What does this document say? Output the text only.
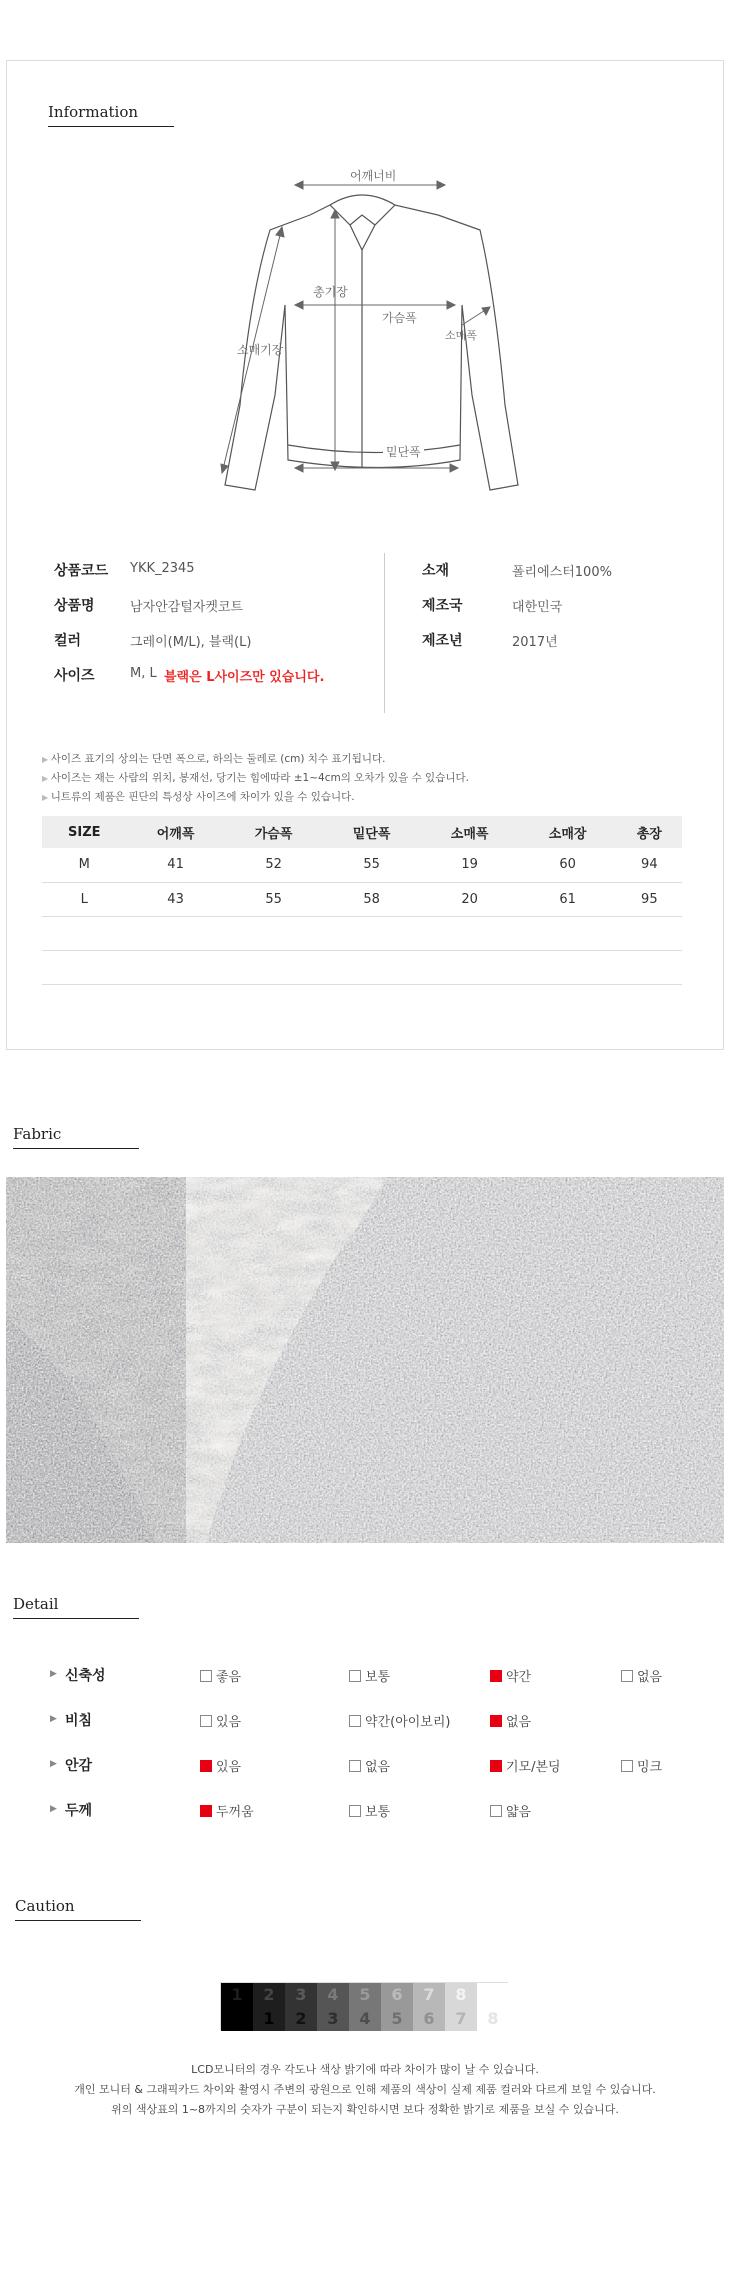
Information
어깨너비
총기장
가슴폭
소매폭
소매기장
밑단폭
상품코드	YKK_2345
상품명	남자안감털자켓코트
컬러	그레이(M/L), 블랙(L)
사이즈	M, L 블랙은 L사이즈만 있습니다.
소재	폴리에스터100%
제조국	대한민국
제조년	2017년
▶ 사이즈 표기의 상의는 단면 폭으로, 하의는 둘레로 (cm) 치수 표기됩니다.
▶ 사이즈는 재는 사람의 위치, 봉재선, 당기는 힘에따라 ±1~4cm의 오차가 있을 수 있습니다.
▶ 니트류의 제품은 핀단의 특성상 사이즈에 차이가 있을 수 있습니다.
SIZE	어깨폭	가슴폭	밑단폭	소매폭	소매장	총장
M	41	52	55	19	60	94
L	43	55	58	20	61	95

Fabric
Detail
▶ 신축성	좋음	보통	약간	없음
▶ 비침	있음	약간(아이보리)	없음
▶ 안감	있음	없음	기모/본딩	밍크
▶ 두께	두꺼움	보통	얇음
Caution
1	2	3	4	5	6	7	8
1	2	3	4	5	6	7	8
LCD모니터의 경우 각도나 색상 밝기에 따라 차이가 많이 날 수 있습니다.
개인 모니터 & 그래픽카드 차이와 촬영시 주변의 광원으로 인해 제품의 색상이 실제 제품 컬러와 다르게 보일 수 있습니다.
위의 색상표의 1~8까지의 숫자가 구분이 되는지 확인하시면 보다 정확한 밝기로 제품을 보실 수 있습니다.
